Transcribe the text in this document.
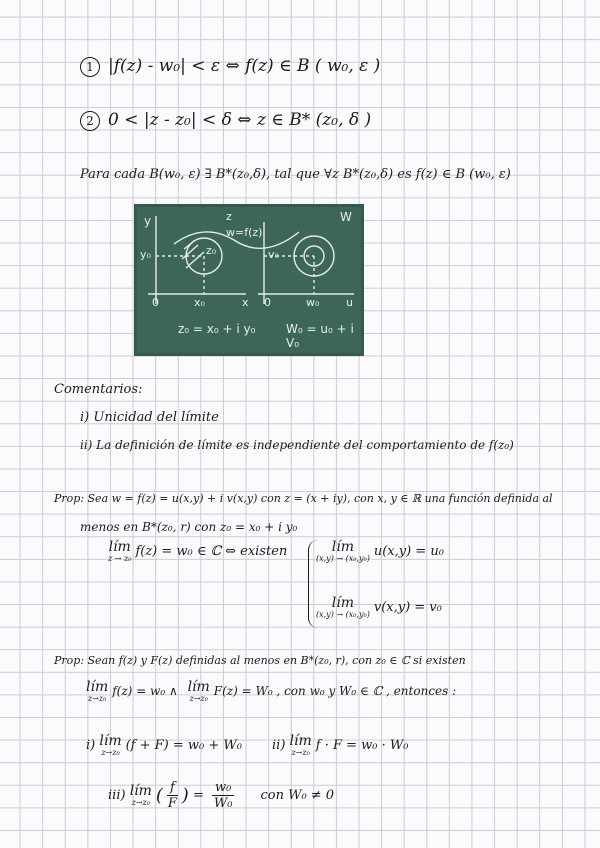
1 |f(z) - w₀| < ε ⇔ f(z) ∈ B ( w₀, ε )
2 0 < |z - z₀| < δ ⇔ z ∈ B* (z₀, δ )
Para cada B(w₀, ε) ∃ B*(z₀,δ), tal que ∀z B*(z₀,δ) es f(z) ∈ B (w₀, ε)
y
y₀
z
z₀
x₀	x
0	0	w₀
v₀
W
u
w=f(z)
z₀ = x₀ + i y₀	W₀ = u₀ + i V₀
Comentarios:
i) Unicidad del límite
ii) La definición de límite es independiente del comportamiento de f(z₀)
Prop: Sea w = f(z) = u(x,y) + i v(x,y) con z = (x + iy), con x, y ∈ ℝ una función definida al
menos en B*(z₀, r) con z₀ = x₀ + i y₀
lím
z → z₀ f(z) = w₀ ∈ ℂ ⇔ existen	lím
(x,y) → (x₀,y₀) u(x,y) = u₀
lím
(x,y) → (x₀,y₀) v(x,y) = v₀
Prop: Sean f(z) y F(z) definidas al menos en B*(z₀, r), con z₀ ∈ ℂ si existen
lím
z→z₀
f(z) = w₀ ∧ lím
z→z₀
F(z) = W₀ , con w₀ y W₀ ∈ ℂ , entonces :
i) lím
z→z₀ (f + F) = w₀ + W₀ ii) lím
z→z₀ f · F = w₀ · W₀
iii) lím
z→z₀ ( $\frac{f}{F}$ ) = $\frac{\text{w₀}}{\text{W₀}}$ con W₀ ≠ 0
